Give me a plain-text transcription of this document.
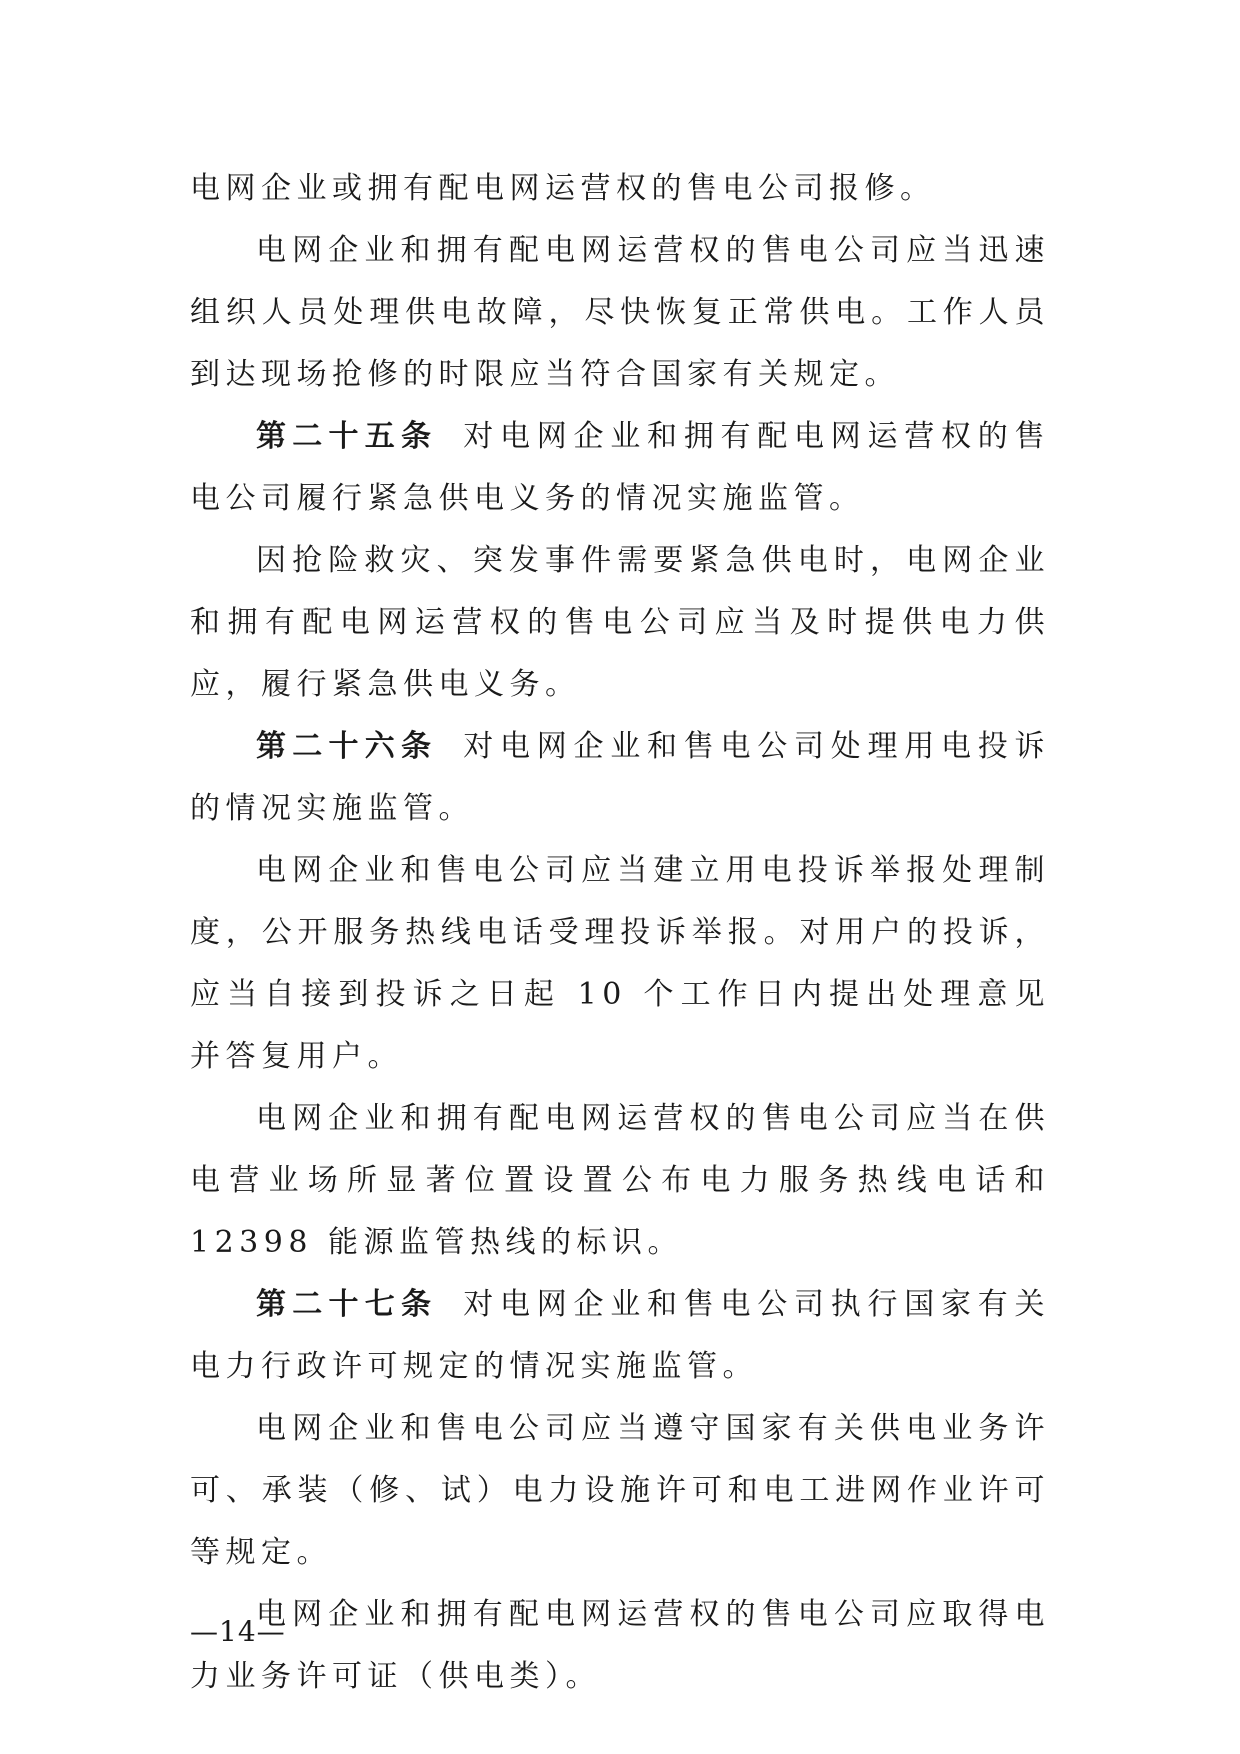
电网企业或拥有配电网运营权的售电公司报修。

电网企业和拥有配电网运营权的售电公司应当迅速组织人员处理供电故障，尽快恢复正常供电。工作人员到达现场抢修的时限应当符合国家有关规定。

第二十五条 对电网企业和拥有配电网运营权的售电公司履行紧急供电义务的情况实施监管。

因抢险救灾、突发事件需要紧急供电时，电网企业和拥有配电网运营权的售电公司应当及时提供电力供应，履行紧急供电义务。

第二十六条 对电网企业和售电公司处理用电投诉的情况实施监管。

电网企业和售电公司应当建立用电投诉举报处理制度，公开服务热线电话受理投诉举报。对用户的投诉，应当自接到投诉之日起 10 个工作日内提出处理意见并答复用户。

电网企业和拥有配电网运营权的售电公司应当在供电营业场所显著位置设置公布电力服务热线电话和 12398 能源监管热线的标识。

第二十七条 对电网企业和售电公司执行国家有关电力行政许可规定的情况实施监管。

电网企业和售电公司应当遵守国家有关供电业务许可、承装（修、试）电力设施许可和电工进网作业许可等规定。

电网企业和拥有配电网运营权的售电公司应取得电力业务许可证（供电类）。

—14—
